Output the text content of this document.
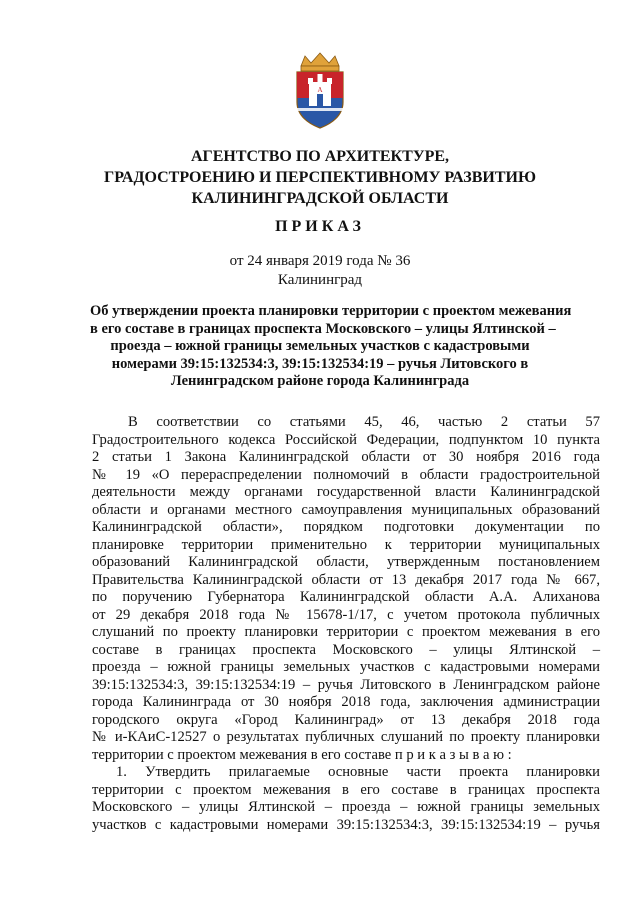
A
АГЕНТСТВО ПО АРХИТЕКТУРЕ,
ГРАДОСТРОЕНИЮ И ПЕРСПЕКТИВНОМУ РАЗВИТИЮ
КАЛИНИНГРАДСКОЙ ОБЛАСТИ
ПРИКАЗ
от 24 января 2019 года № 36
Калининград
Об утверждении проекта планировки территории с проектом межевания
в его составе в границах проспекта Московского – улицы Ялтинской –
проезда – южной границы земельных участков с кадастровыми
номерами 39:15:132534:3, 39:15:132534:19 – ручья Литовского в
Ленинградском районе города Калининграда
В соответствии со статьями 45, 46, частью 2 статьи 57
Градостроительного кодекса Российской Федерации, подпунктом 10 пункта
2 статьи 1 Закона Калининградской области от 30 ноября 2016 года
№ 19 «О перераспределении полномочий в области градостроительной
деятельности между органами государственной власти Калининградской
области и органами местного самоуправления муниципальных образований
Калининградской области», порядком подготовки документации по
планировке территории применительно к территории муниципальных
образований Калининградской области, утвержденным постановлением
Правительства Калининградской области от 13 декабря 2017 года № 667,
по поручению Губернатора Калининградской области А.А. Алиханова
от 29 декабря 2018 года № 15678-1/17, с учетом протокола публичных
слушаний по проекту планировки территории с проектом межевания в его
составе в границах проспекта Московского – улицы Ялтинской –
проезда – южной границы земельных участков с кадастровыми номерами
39:15:132534:3, 39:15:132534:19 – ручья Литовского в Ленинградском районе
города Калининграда от 30 ноября 2018 года, заключения администрации
городского округа «Город Калининград» от 13 декабря 2018 года
№ и-КАиС-12527 о результатах публичных слушаний по проекту планировки
территории с проектом межевания в его составе п р и к а з ы в а ю :
1. Утвердить прилагаемые основные части проекта планировки
территории с проектом межевания в его составе в границах проспекта
Московского – улицы Ялтинской – проезда – южной границы земельных
участков с кадастровыми номерами 39:15:132534:3, 39:15:132534:19 – ручья
